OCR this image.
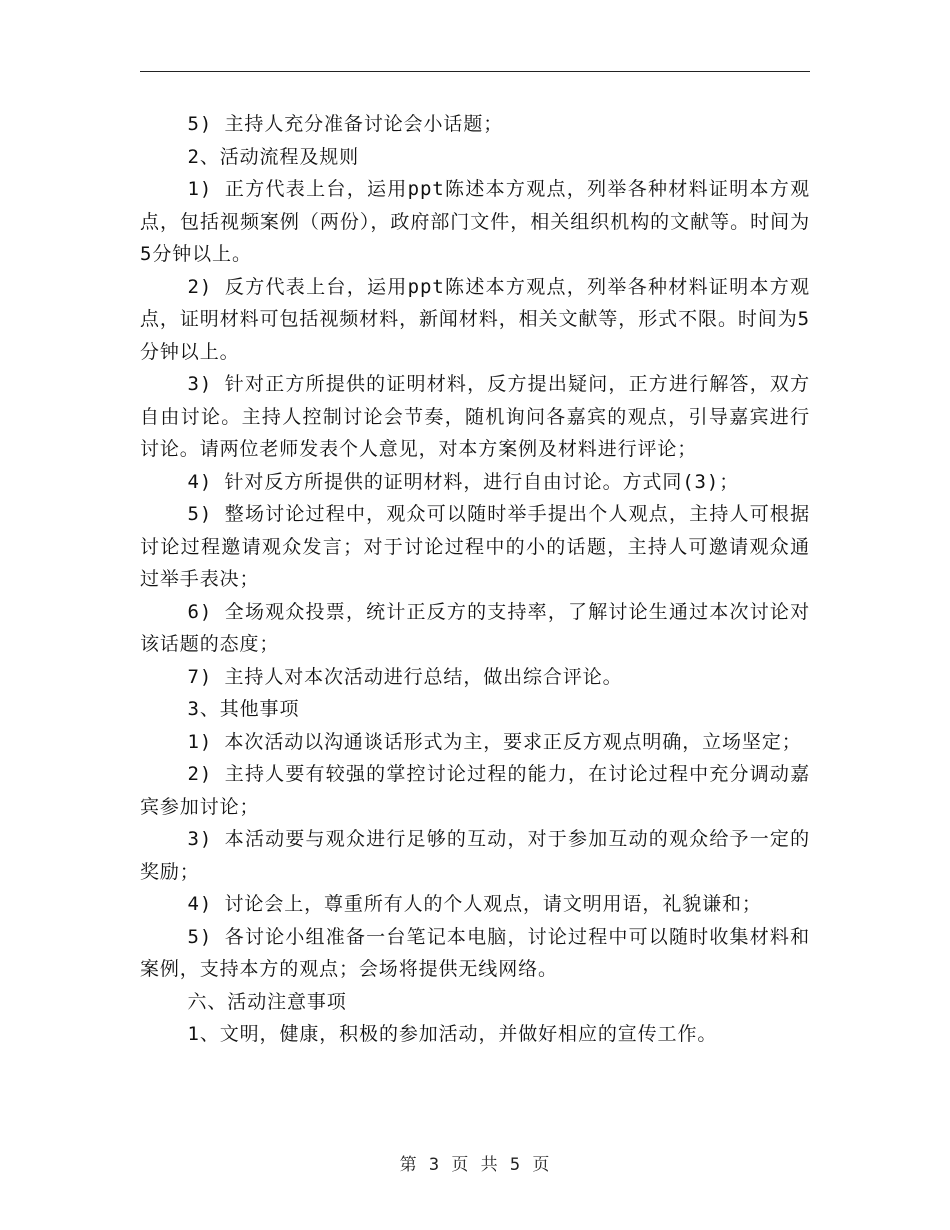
5) 主持人充分准备讨论会小话题；

2、活动流程及规则

1) 正方代表上台，运用ppt陈述本方观点，列举各种材料证明本方观点，包括视频案例（两份），政府部门文件，相关组织机构的文献等。时间为5分钟以上。

2) 反方代表上台，运用ppt陈述本方观点，列举各种材料证明本方观点，证明材料可包括视频材料，新闻材料，相关文献等，形式不限。时间为5分钟以上。

3) 针对正方所提供的证明材料，反方提出疑问，正方进行解答，双方自由讨论。主持人控制讨论会节奏，随机询问各嘉宾的观点，引导嘉宾进行讨论。请两位老师发表个人意见，对本方案例及材料进行评论；

4) 针对反方所提供的证明材料，进行自由讨论。方式同(3)；

5) 整场讨论过程中，观众可以随时举手提出个人观点，主持人可根据讨论过程邀请观众发言；对于讨论过程中的小的话题，主持人可邀请观众通过举手表决；

6) 全场观众投票，统计正反方的支持率，了解讨论生通过本次讨论对该话题的态度；

7) 主持人对本次活动进行总结，做出综合评论。

3、其他事项

1) 本次活动以沟通谈话形式为主，要求正反方观点明确，立场坚定；

2) 主持人要有较强的掌控讨论过程的能力，在讨论过程中充分调动嘉宾参加讨论；

3) 本活动要与观众进行足够的互动，对于参加互动的观众给予一定的奖励；

4) 讨论会上，尊重所有人的个人观点，请文明用语，礼貌谦和；

5) 各讨论小组准备一台笔记本电脑，讨论过程中可以随时收集材料和案例，支持本方的观点；会场将提供无线网络。

六、活动注意事项

1、文明，健康，积极的参加活动，并做好相应的宣传工作。

第 3 页 共 5 页
